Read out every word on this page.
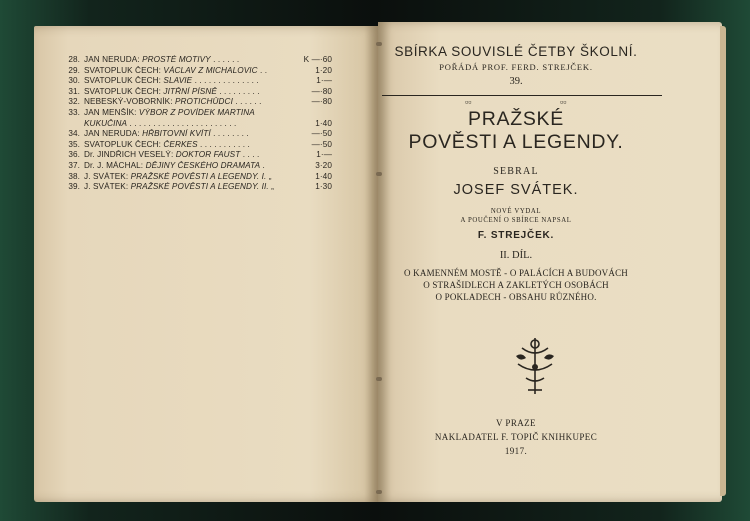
28. JAN NERUDA: PROSTÉ MOTIVY . . . . . .	K —·60
29. SVATOPLUK ČECH: VÁCLAV Z MICHALOVIC . .	1·20
30. SVATOPLUK ČECH: SLAVIE . . . . . . . . . . . . . .	1·—
31. SVATOPLUK ČECH: JITŘNÍ PÍSNĚ . . . . . . . . .	—·80
32. NEBESKÝ-VOBORNÍK: PROTICHŮDCI . . . . . .	—·80
33. JAN MENŠÍK: VÝBOR Z POVÍDEK MARTINA
KUKUČINA . . . . . . . . . . . . . . . . . . . . . . .	1·40
34. JAN NERUDA: HŘBITOVNÍ KVÍTÍ . . . . . . . .	—·50
35. SVATOPLUK ČECH: ČERKES . . . . . . . . . . .	—·50
36. Dr. JINDŘICH VESELÝ: DOKTOR FAUST . . . .	1·—
37. Dr. J. MÁCHAL: DĚJINY ČESKÉHO DRAMATA .	3·20
38. J. SVÁTEK: PRAŽSKÉ POVĚSTI A LEGENDY. I. „	1·40
39. J. SVÁTEK: PRAŽSKÉ POVĚSTI A LEGENDY. II. „	1·30
SBÍRKA SOUVISLÉ ČETBY ŠKOLNÍ.
POŘÁDÁ PROF. FERD. STREJČEK.
39.
▫▫	▫▫
PRAŽSKÉ
POVĚSTI A LEGENDY.
SEBRAL
JOSEF SVÁTEK.
NOVÉ VYDAL
A POUČENÍ O SBÍRCE NAPSAL
F. STREJČEK.
II. DÍL.
O KAMENNÉM MOSTĚ - O PALÁCÍCH A BUDOVÁCH
O STRAŠIDLECH A ZAKLETÝCH OSOBÁCH
O POKLADECH - OBSAHU RŮZNÉHO.
V PRAZE
NAKLADATEL F. TOPIČ KNIHKUPEC
1917.
